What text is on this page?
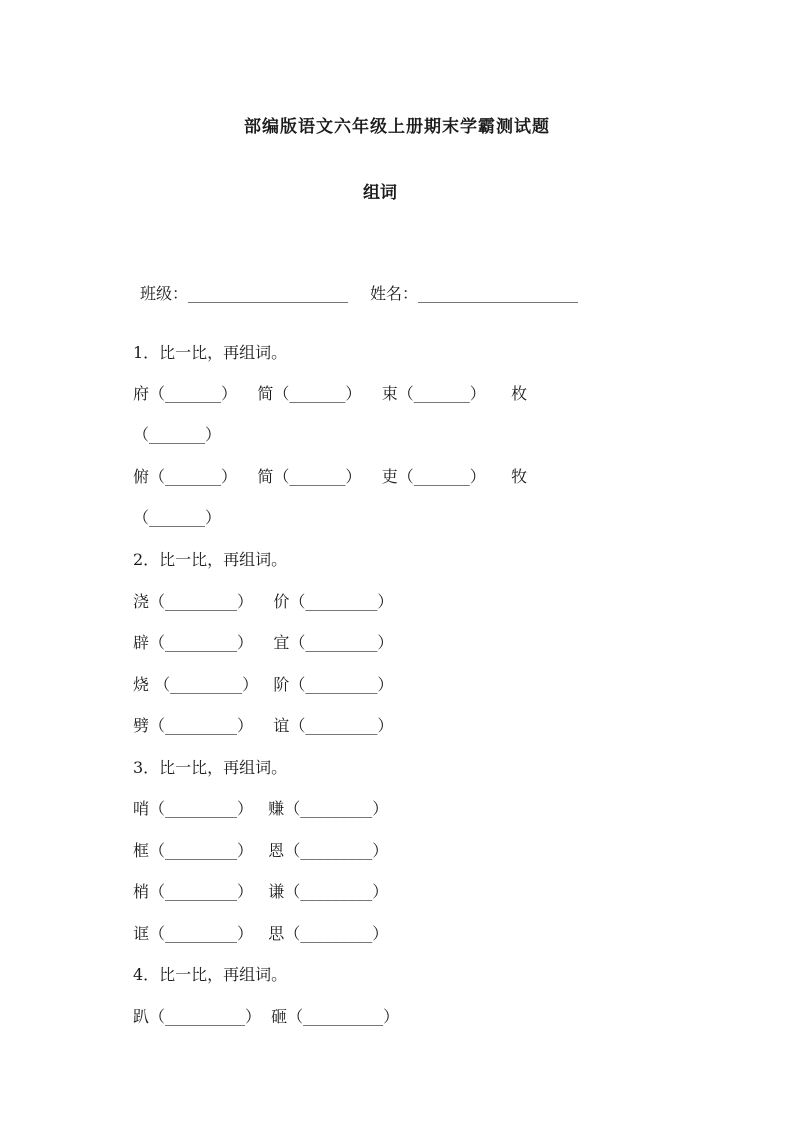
部编版语文六年级上册期末学霸测试题
组词
班级：____________________ 姓名：____________________
1．比一比，再组词。
府（_______）    简（_______）    束（_______）     枚
（_______）
俯（_______）    简（_______）    吏（_______）     牧
（_______）
2．比一比，再组词。
浇（_________）    价（_________）
辟（_________）    宜（_________）
烧 （_________）   阶（_________）
劈（_________）    谊（_________）
3．比一比，再组词。
哨（_________）   赚（_________）
框（_________）   恩（_________）
梢（_________）   谦（_________）
诓（_________）   思（_________）
4．比一比，再组词。
趴（__________）  砸（__________）
